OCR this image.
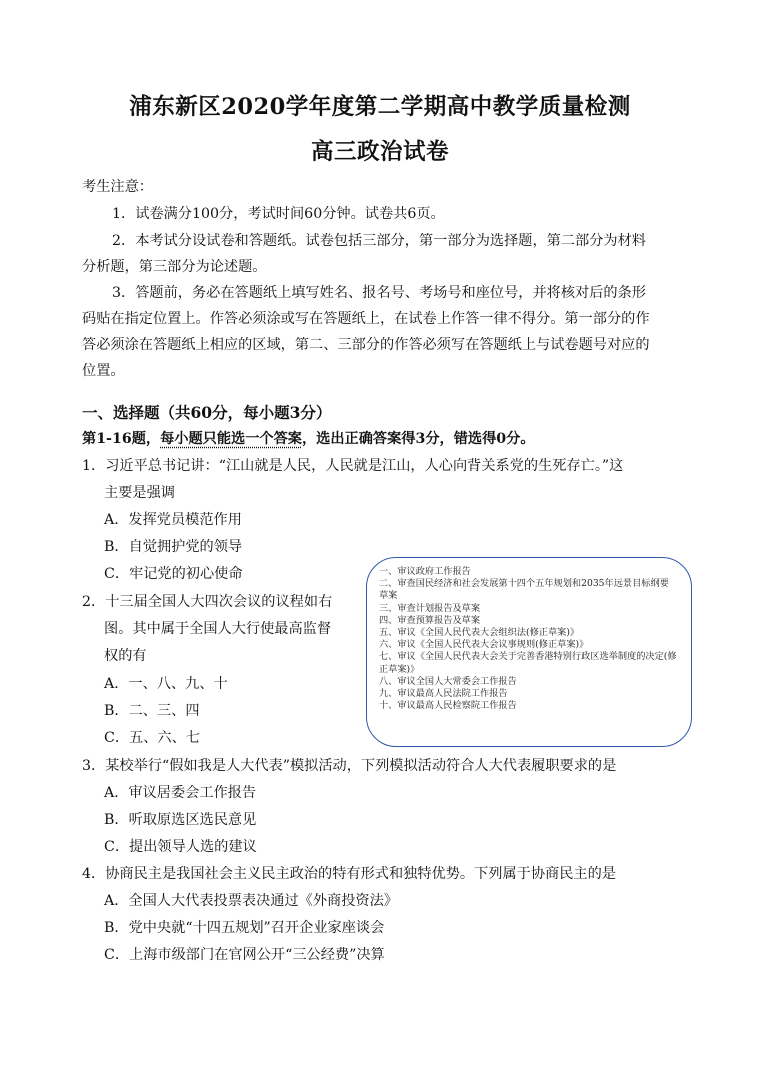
浦东新区2020学年度第二学期高中教学质量检测
高三政治试卷
考生注意：
1．试卷满分100分，考试时间60分钟。试卷共6页。
2．本考试分设试卷和答题纸。试卷包括三部分，第一部分为选择题，第二部分为材料
分析题，第三部分为论述题。
3．答题前，务必在答题纸上填写姓名、报名号、考场号和座位号，并将核对后的条形
码贴在指定位置上。作答必须涂或写在答题纸上，在试卷上作答一律不得分。第一部分的作
答必须涂在答题纸上相应的区域，第二、三部分的作答必须写在答题纸上与试卷题号对应的
位置。
一、选择题（共60分，每小题3分）
第1-16题，每小题只能选一个答案，选出正确答案得3分，错选得0分。
1．习近平总书记讲：“江山就是人民，人民就是江山，人心向背关系党的生死存亡。”这
主要是强调
A．发挥党员模范作用
B．自觉拥护党的领导
C．牢记党的初心使命
2．十三届全国人大四次会议的议程如右
图。其中属于全国人大行使最高监督
权的有
A．一、八、九、十
B．二、三、四
C．五、六、七
一、审议政府工作报告
二、审查国民经济和社会发展第十四个五年规划和2035年远景目标纲要草案
三、审查计划报告及草案
四、审查预算报告及草案
五、审议《全国人民代表大会组织法(修正草案)》
六、审议《全国人民代表大会议事规则(修正草案)》
七、审议《全国人民代表大会关于完善香港特别行政区选举制度的决定(修正草案)》
八、审议全国人大常委会工作报告
九、审议最高人民法院工作报告
十、审议最高人民检察院工作报告
3．某校举行“假如我是人大代表”模拟活动，下列模拟活动符合人大代表履职要求的是
A．审议居委会工作报告
B．听取原选区选民意见
C．提出领导人选的建议
4．协商民主是我国社会主义民主政治的特有形式和独特优势。下列属于协商民主的是
A．全国人大代表投票表决通过《外商投资法》
B．党中央就“十四五规划”召开企业家座谈会
C．上海市级部门在官网公开“三公经费”决算
